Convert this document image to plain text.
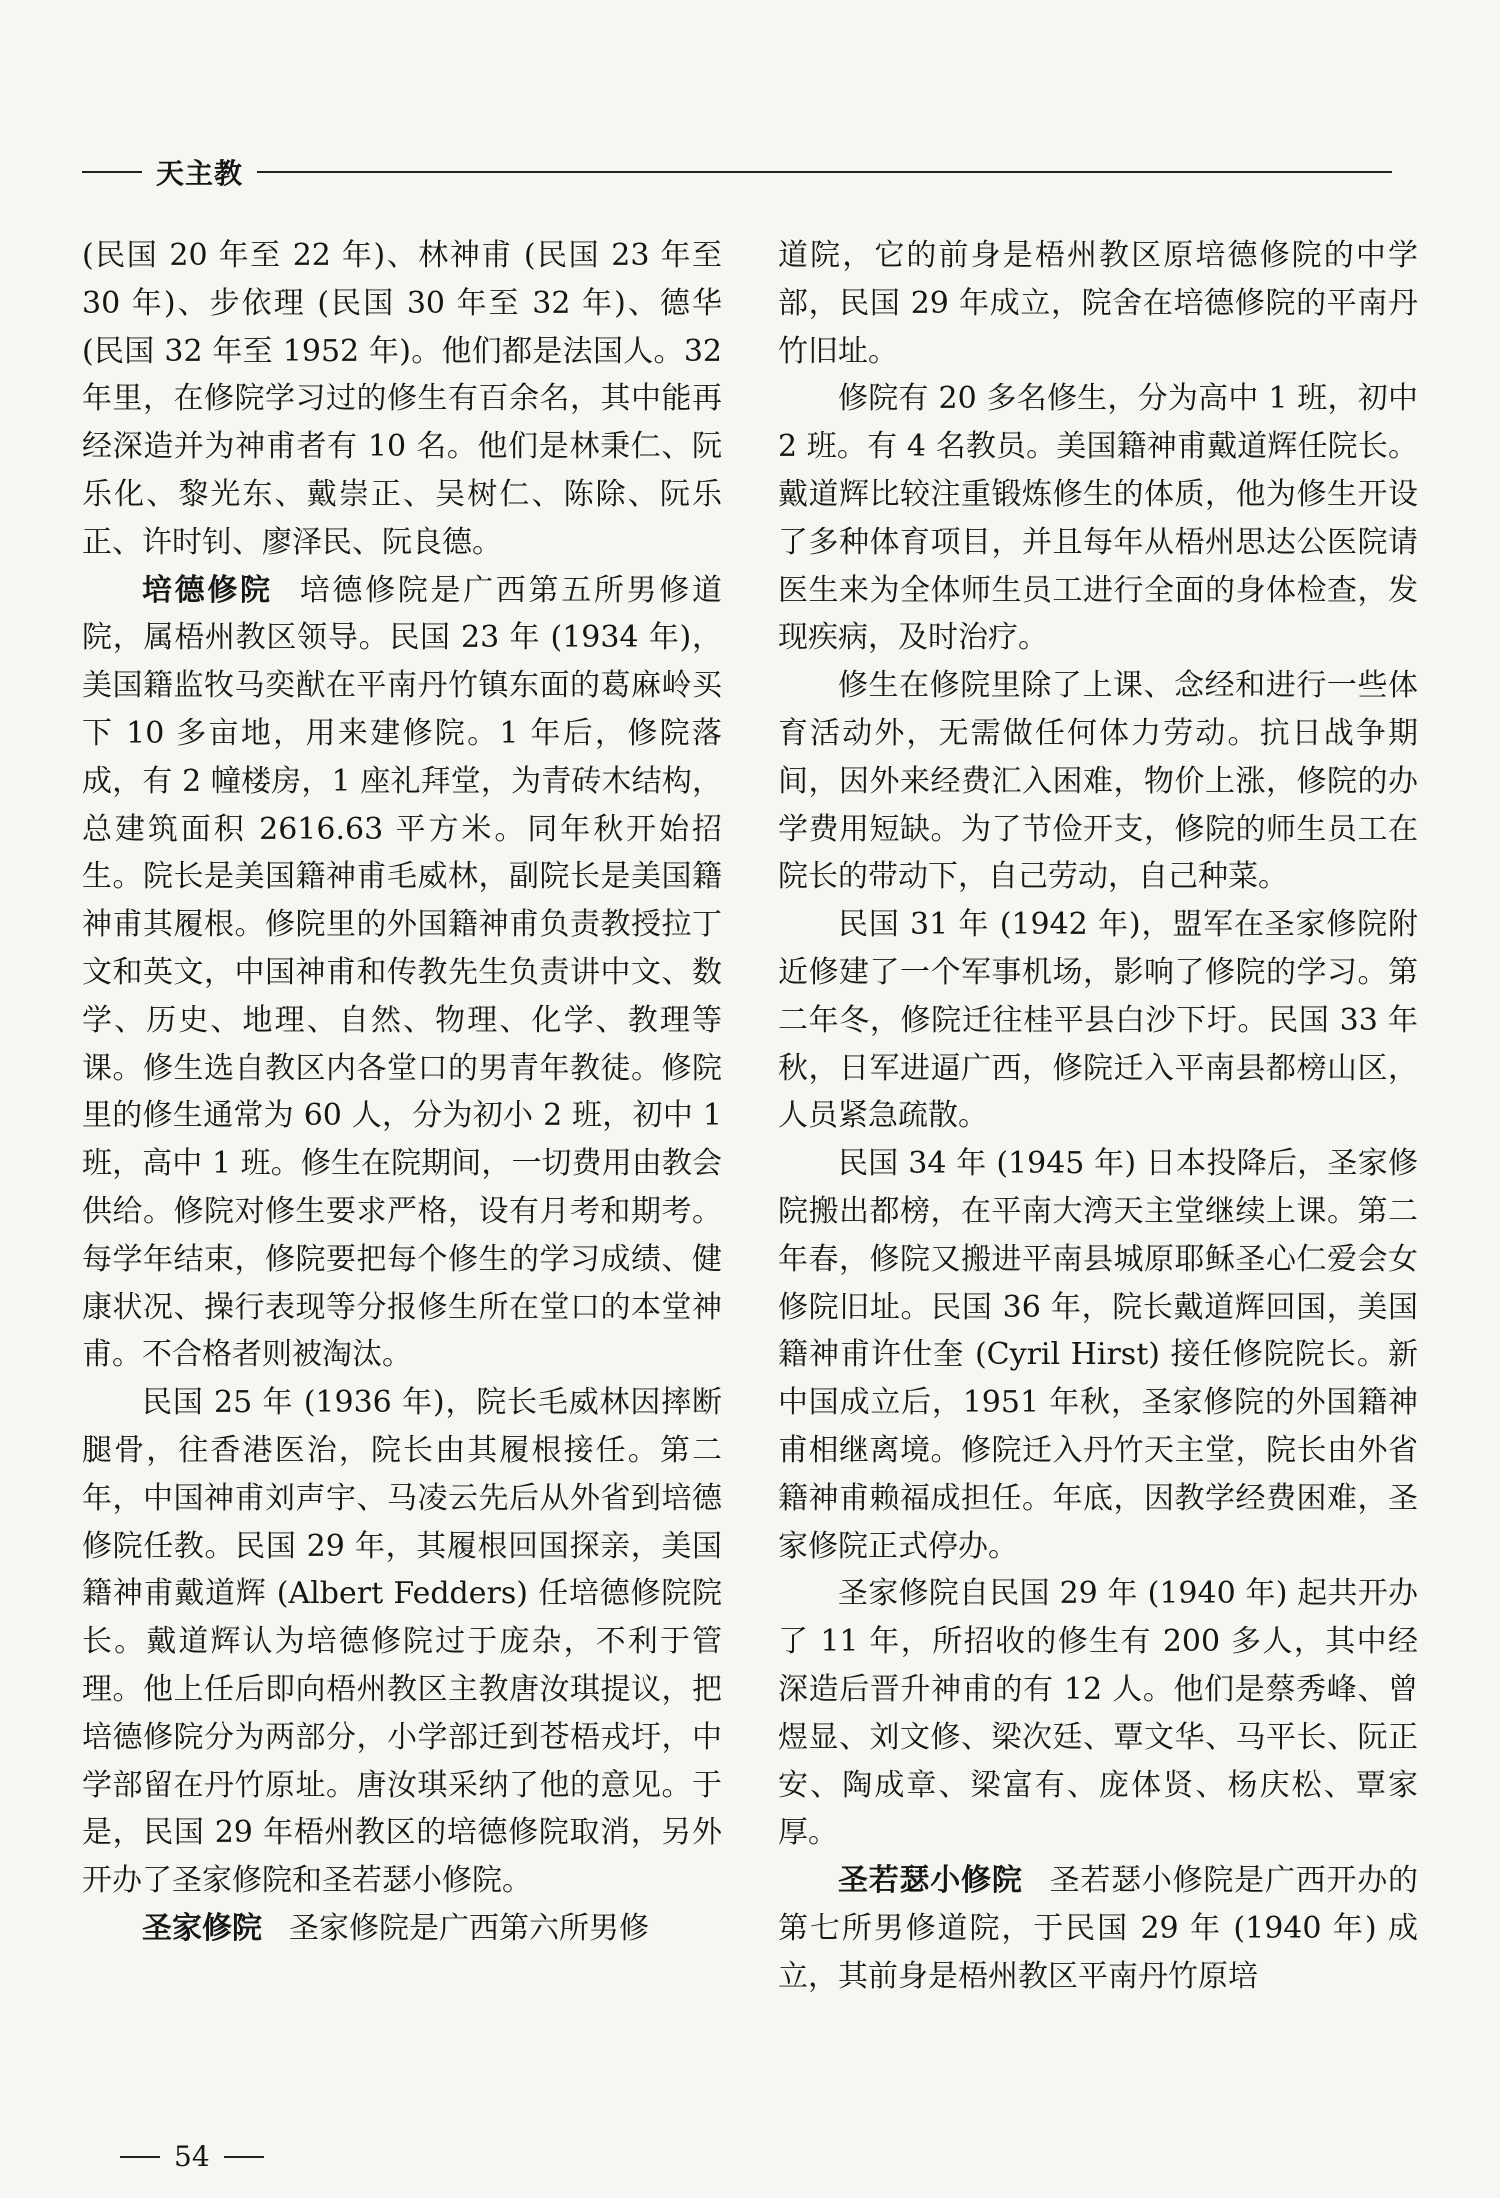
天主教

(民国 20 年至 22 年)、林神甫 (民国 23 年至 30 年)、步依理 (民国 30 年至 32 年)、德华 (民国 32 年至 1952 年)。他们都是法国人。32 年里，在修院学习过的修生有百余名，其中能再经深造并为神甫者有 10 名。他们是林秉仁、阮乐化、黎光东、戴崇正、吴树仁、陈除、阮乐正、许时钊、廖泽民、阮良德。

培德修院 培德修院是广西第五所男修道院，属梧州教区领导。民国 23 年 (1934 年)，美国籍监牧马奕猷在平南丹竹镇东面的葛麻岭买下 10 多亩地，用来建修院。1 年后，修院落成，有 2 幢楼房，1 座礼拜堂，为青砖木结构，总建筑面积 2616.63 平方米。同年秋开始招生。院长是美国籍神甫毛威林，副院长是美国籍神甫其履根。修院里的外国籍神甫负责教授拉丁文和英文，中国神甫和传教先生负责讲中文、数学、历史、地理、自然、物理、化学、教理等课。修生选自教区内各堂口的男青年教徒。修院里的修生通常为 60 人，分为初小 2 班，初中 1 班，高中 1 班。修生在院期间，一切费用由教会供给。修院对修生要求严格，设有月考和期考。每学年结束，修院要把每个修生的学习成绩、健康状况、操行表现等分报修生所在堂口的本堂神甫。不合格者则被淘汰。

民国 25 年 (1936 年)，院长毛威林因摔断腿骨，往香港医治，院长由其履根接任。第二年，中国神甫刘声宇、马凌云先后从外省到培德修院任教。民国 29 年，其履根回国探亲，美国籍神甫戴道辉 (Albert Fedders) 任培德修院院长。戴道辉认为培德修院过于庞杂，不利于管理。他上任后即向梧州教区主教唐汝琪提议，把培德修院分为两部分，小学部迁到苍梧戎圩，中学部留在丹竹原址。唐汝琪采纳了他的意见。于是，民国 29 年梧州教区的培德修院取消，另外开办了圣家修院和圣若瑟小修院。

圣家修院 圣家修院是广西第六所男修

道院，它的前身是梧州教区原培德修院的中学部，民国 29 年成立，院舍在培德修院的平南丹竹旧址。

修院有 20 多名修生，分为高中 1 班，初中 2 班。有 4 名教员。美国籍神甫戴道辉任院长。戴道辉比较注重锻炼修生的体质，他为修生开设了多种体育项目，并且每年从梧州思达公医院请医生来为全体师生员工进行全面的身体检查，发现疾病，及时治疗。

修生在修院里除了上课、念经和进行一些体育活动外，无需做任何体力劳动。抗日战争期间，因外来经费汇入困难，物价上涨，修院的办学费用短缺。为了节俭开支，修院的师生员工在院长的带动下，自己劳动，自己种菜。

民国 31 年 (1942 年)，盟军在圣家修院附近修建了一个军事机场，影响了修院的学习。第二年冬，修院迁往桂平县白沙下圩。民国 33 年秋，日军进逼广西，修院迁入平南县都榜山区，人员紧急疏散。

民国 34 年 (1945 年) 日本投降后，圣家修院搬出都榜，在平南大湾天主堂继续上课。第二年春，修院又搬进平南县城原耶稣圣心仁爱会女修院旧址。民国 36 年，院长戴道辉回国，美国籍神甫许仕奎 (Cyril Hirst) 接任修院院长。新中国成立后，1951 年秋，圣家修院的外国籍神甫相继离境。修院迁入丹竹天主堂，院长由外省籍神甫赖福成担任。年底，因教学经费困难，圣家修院正式停办。

圣家修院自民国 29 年 (1940 年) 起共开办了 11 年，所招收的修生有 200 多人，其中经深造后晋升神甫的有 12 人。他们是蔡秀峰、曾煜显、刘文修、梁次廷、覃文华、马平长、阮正安、陶成章、梁富有、庞体贤、杨庆松、覃家厚。

圣若瑟小修院 圣若瑟小修院是广西开办的第七所男修道院，于民国 29 年 (1940 年) 成立，其前身是梧州教区平南丹竹原培

54
